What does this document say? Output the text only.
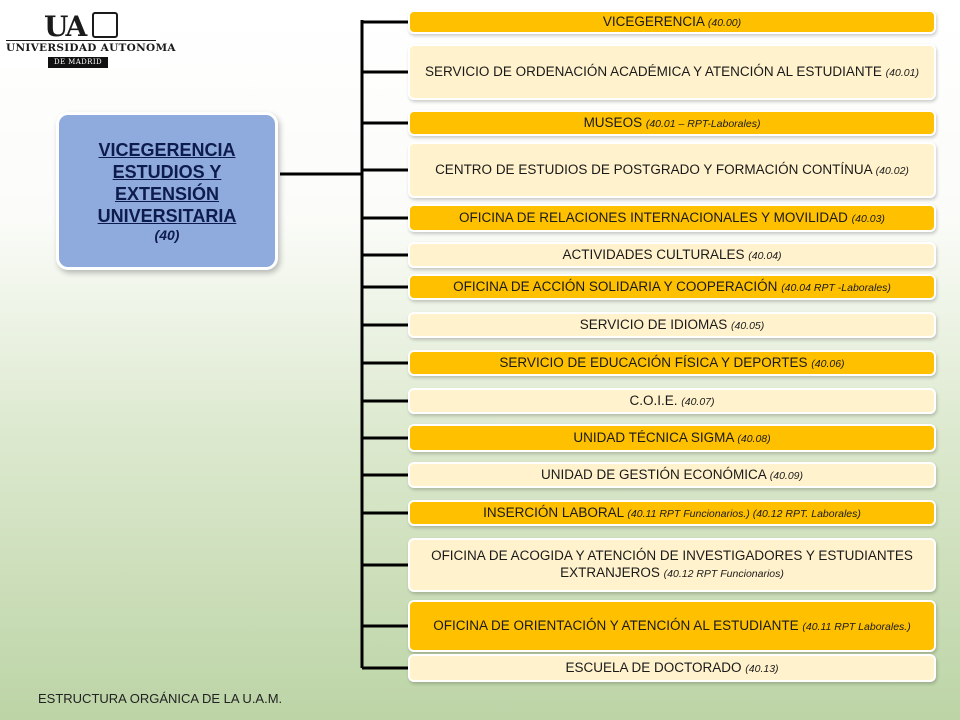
UA
UNIVERSIDAD AUTONOMA
DE MADRID
VICEGERENCIA ESTUDIOS Y EXTENSIÓN UNIVERSITARIA
(40)
VICEGERENCIA (40.00)
SERVICIO DE ORDENACIÓN ACADÉMICA Y ATENCIÓN AL ESTUDIANTE (40.01)
MUSEOS (40.01 – RPT-Laborales)
CENTRO DE ESTUDIOS DE POSTGRADO Y FORMACIÓN CONTÍNUA (40.02)
OFICINA DE RELACIONES INTERNACIONALES Y MOVILIDAD (40.03)
ACTIVIDADES CULTURALES (40.04)
OFICINA DE ACCIÓN SOLIDARIA Y COOPERACIÓN (40.04 RPT -Laborales)
SERVICIO DE IDIOMAS (40.05)
SERVICIO DE EDUCACIÓN FÍSICA Y DEPORTES (40.06)
C.O.I.E. (40.07)
UNIDAD TÉCNICA SIGMA (40.08)
UNIDAD DE GESTIÓN ECONÓMICA (40.09)
INSERCIÓN LABORAL (40.11 RPT Funcionarios.) (40.12 RPT. Laborales)
OFICINA DE ACOGIDA Y ATENCIÓN DE INVESTIGADORES Y ESTUDIANTES EXTRANJEROS (40.12 RPT Funcionarios)
OFICINA DE ORIENTACIÓN Y ATENCIÓN AL ESTUDIANTE (40.11 RPT Laborales.)
ESCUELA DE DOCTORADO (40.13)
ESTRUCTURA ORGÁNICA DE LA U.A.M.
